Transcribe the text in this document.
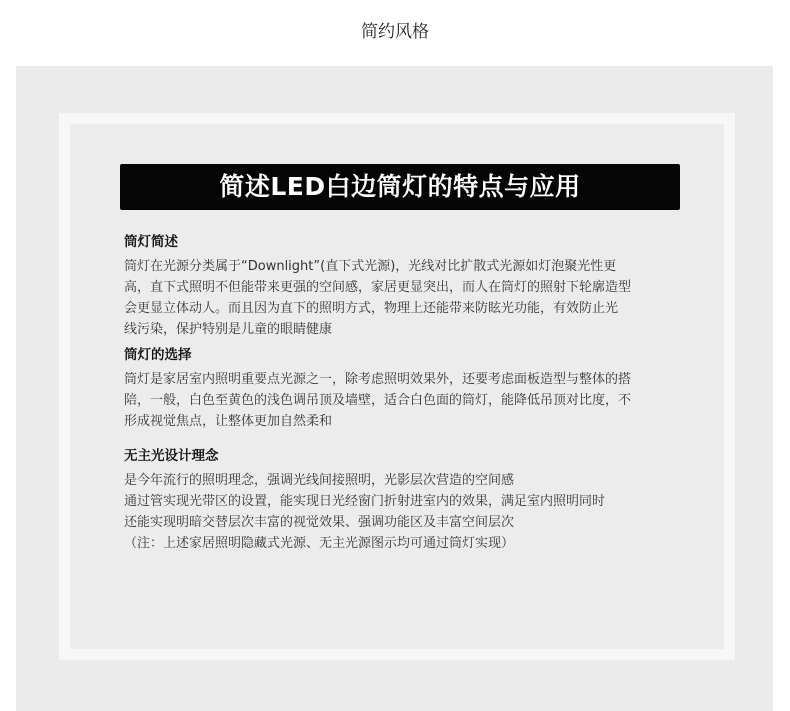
简约风格
简述LED白边筒灯的特点与应用
筒灯简述

筒灯在光源分类属于“Downlight”(直下式光源)，光线对比扩散式光源如灯泡聚光性更
高，直下式照明不但能带来更强的空间感，家居更显突出，而人在筒灯的照射下轮廓造型
会更显立体动人。而且因为直下的照明方式，物理上还能带来防眩光功能，有效防止光
线污染，保护特别是儿童的眼睛健康

筒灯的选择

筒灯是家居室内照明重要点光源之一，除考虑照明效果外，还要考虑面板造型与整体的搭
陪，一般，白色至黄色的浅色调吊顶及墙壁，适合白色面的筒灯，能降低吊顶对比度，不
形成视觉焦点，让整体更加自然柔和

无主光设计理念

是今年流行的照明理念，强调光线间接照明，光影层次营造的空间感
通过管实现光带区的设置，能实现日光经窗门折射进室内的效果，满足室内照明同时
还能实现明暗交替层次丰富的视觉效果、强调功能区及丰富空间层次
（注：上述家居照明隐藏式光源、无主光源图示均可通过筒灯实现）
